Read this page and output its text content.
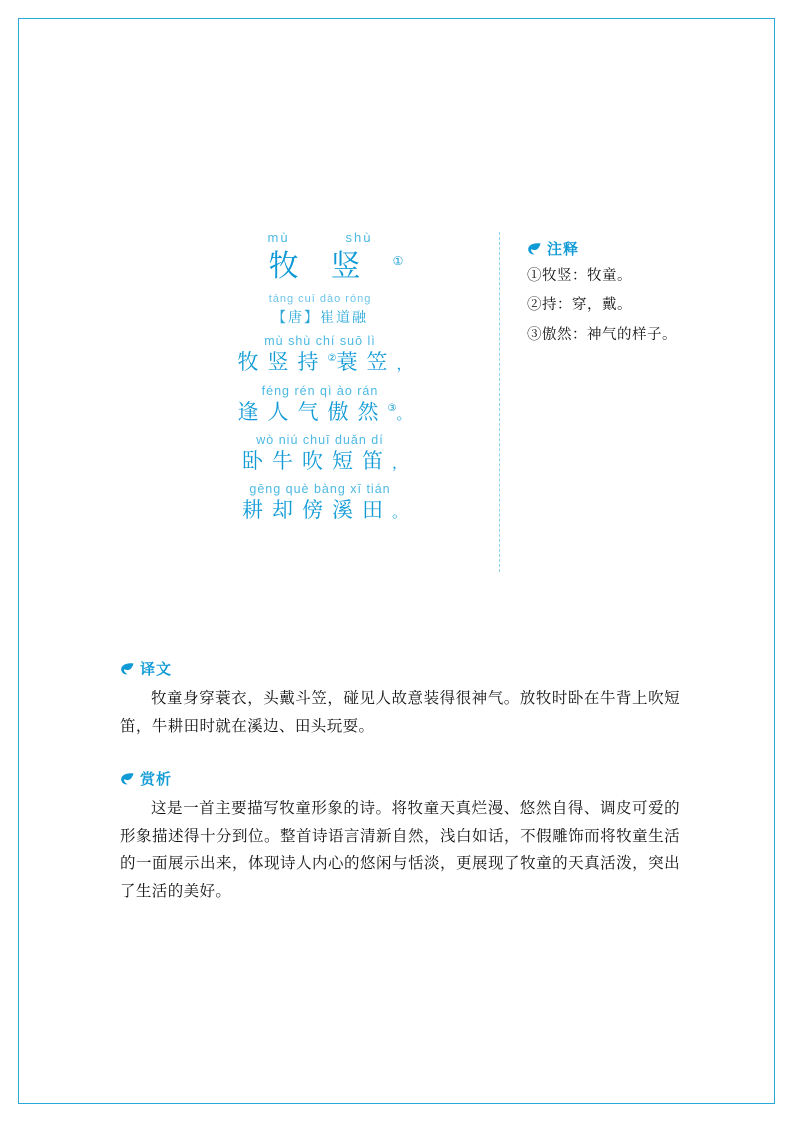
mù	shù
牧竖①
táng cuī dào róng
【唐】崔道融
mù shù chí suō lì
牧竖持②蓑笠，
féng rén qì ào rán
逢人气傲然③。
wò niú chuī duǎn dí
卧牛吹短笛，
gēng què bàng xī tián
耕却傍溪田。
注释
①牧竖：牧童。
②持：穿，戴。
③傲然：神气的样子。
译文
牧童身穿蓑衣，头戴斗笠，碰见人故意装得很神气。放牧时卧在牛背上吹短笛，牛耕田时就在溪边、田头玩耍。
赏析
这是一首主要描写牧童形象的诗。将牧童天真烂漫、悠然自得、调皮可爱的形象描述得十分到位。整首诗语言清新自然，浅白如话，不假雕饰而将牧童生活的一面展示出来，体现诗人内心的悠闲与恬淡，更展现了牧童的天真活泼，突出了生活的美好。
